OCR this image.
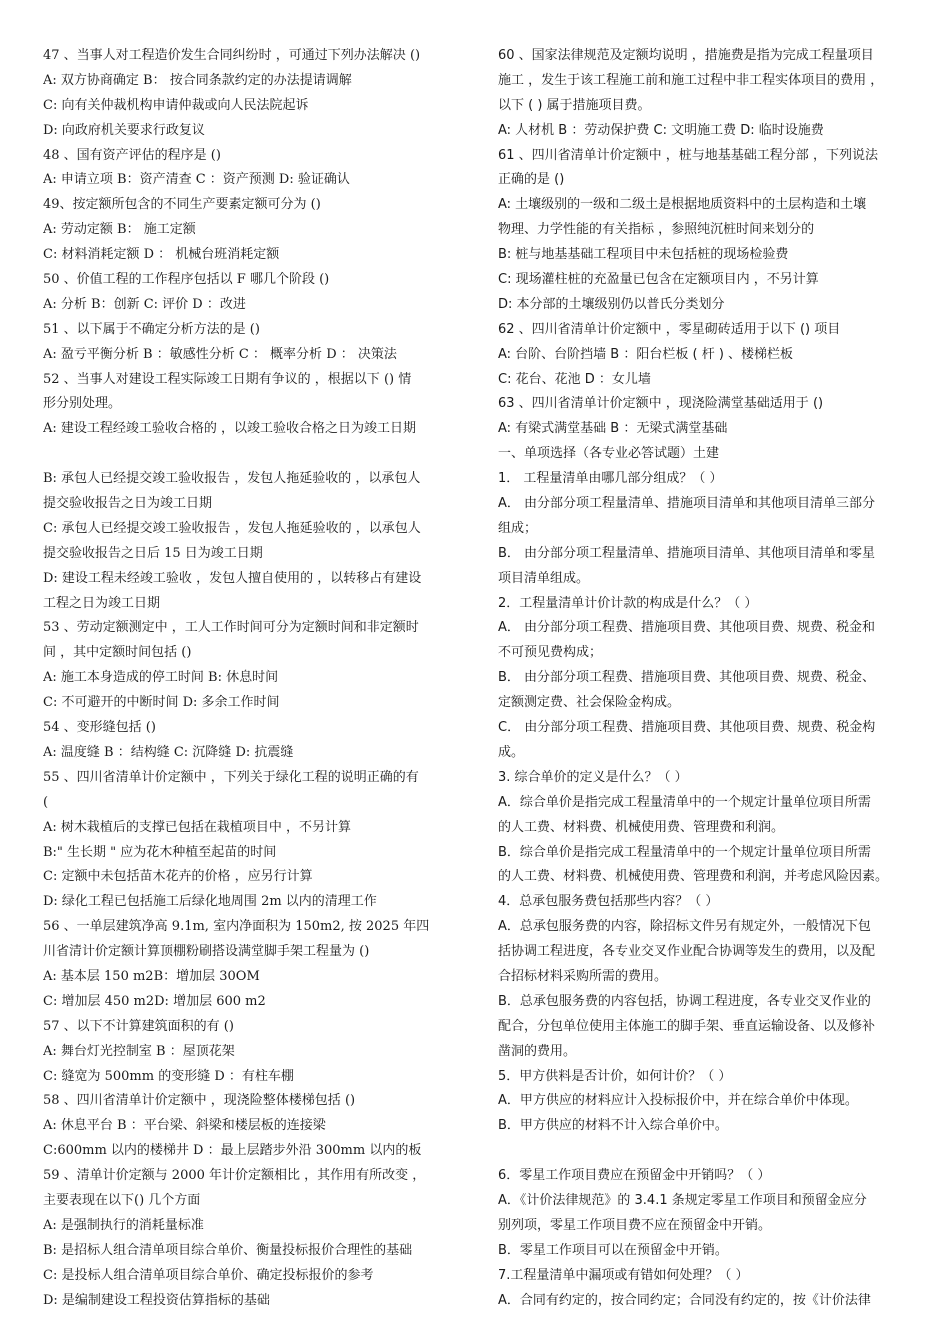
47 、当事人对工程造价发生合同纠纷时 ，可通过下列办法解决 ()
A: 双方协商确定 B： 按合同条款约定的办法提请调解
C: 向有关仲裁机构申请仲裁或向人民法院起诉
D: 向政府机关要求行政复议
48 、国有资产评估的程序是 ()
A: 申请立项 B：资产清查 C ：资产预测 D: 验证确认
49、按定额所包含的不同生产要素定额可分为 ()
A: 劳动定额 B： 施工定额
C: 材料消耗定额 D ： 机械台班消耗定额
50 、价值工程的工作程序包括以 F 哪几个阶段 ()
A: 分析 B：创新 C: 评价 D ：改进
51 、以下属于不确定分析方法的是 ()
A: 盈亏平衡分析 B ：敏感性分析 C ： 概率分析 D ： 决策法
52 、当事人对建设工程实际竣工日期有争议的 ，根据以下 () 情
形分别处理。
A: 建设工程经竣工验收合格的 ，以竣工验收合格之日为竣工日期
B: 承包人已经提交竣工验收报告 ，发包人拖延验收的 ，以承包人
提交验收报告之日为竣工日期
C: 承包人已经提交竣工验收报告 ，发包人拖延验收的 ，以承包人
提交验收报告之日后 15 日为竣工日期
D: 建设工程未经竣工验收 ，发包人擅自使用的 ，以转移占有建设
工程之日为竣工日期
53 、劳动定额测定中 ，工人工作时间可分为定额时间和非定额时
间 ，其中定额时间包括 ()
A: 施工本身造成的停工时间 B: 休息时间
C: 不可避开的中断时间 D: 多余工作时间
54 、变形缝包括 ()
A: 温度缝 B ：结构缝 C: 沉降缝 D: 抗震缝
55 、四川省清单计价定额中 ，下列关于绿化工程的说明正确的有
(
A: 树木栽植后的支撑已包括在栽植项目中 ，不另计算
B:" 生长期 " 应为花木种植至起苗的时间
C: 定额中未包括苗木花卉的价格 ，应另行计算
D: 绿化工程已包括施工后绿化地周围 2m 以内的清理工作
56 、一单层建筑净高 9.1m, 室内净面积为 150m2, 按 2025 年四
川省清计价定额计算顶棚粉刷搭设满堂脚手架工程量为 ()
A: 基本层 150 m2B：增加层 30OM
C: 增加层 450 m2D: 增加层 600 m2
57 、以下不计算建筑面积的有 ()
A: 舞台灯光控制室 B ：屋顶花架
C: 缝宽为 500mm 的变形缝 D ：有柱车棚
58 、四川省清单计价定额中 ，现浇险整体楼梯包括 ()
A: 休息平台 B ：平台梁、斜梁和楼层板的连接梁
C:600mm 以内的楼梯井 D ：最上层踏步外沿 300mm 以内的板
59 、清单计价定额与 2000 年计价定额相比 ，其作用有所改变 ，
主要表现在以下() 几个方面
A: 是强制执行的消耗量标准
B: 是招标人组合清单项目综合单价、衡量投标报价合理性的基础
C: 是投标人组合清单项目综合单价、确定投标报价的参考
D: 是编制建设工程投资估算指标的基础
60 、国家法律规范及定额均说明 ，措施费是指为完成工程量项目
施工 ，发生于该工程施工前和施工过程中非工程实体项目的费用 ，
以下 ( ) 属于措施项目费。
A: 人材机 B ：劳动保护费 C: 文明施工费 D: 临时设施费
61 、四川省清单计价定额中 ，桩与地基基础工程分部 ，下列说法
正确的是 ()
A: 土壤级别的一级和二级土是根据地质资料中的土层构造和土壤
物理、力学性能的有关指标 ，参照纯沉桩时间来划分的
B: 桩与地基基础工程项目中未包括桩的现场检验费
C: 现场灌柱桩的充盈量已包含在定额项目内 ，不另计算
D: 本分部的土壤级别仍以普氏分类划分
62 、四川省清单计价定额中 ，零星砌砖适用于以下 () 项目
A: 台阶、台阶挡墙 B ：阳台栏板 ( 杆 ) 、楼梯栏板
C: 花台、花池 D ：女儿墙
63 、四川省清单计价定额中 ，现浇险满堂基础适用于 ()
A: 有梁式满堂基础 B ：无梁式满堂基础
一、单项选择（各专业必答试题）土建
1． 工程量清单由哪几部分组成？（ ）
A． 由分部分项工程量清单、措施项目清单和其他项目清单三部分
组成；
B． 由分部分项工程量清单、措施项目清单、其他项目清单和零星
项目清单组成。
2．工程量清单计价计款的构成是什么？（ ）
A． 由分部分项工程费、措施项目费、其他项目费、规费、税金和
不可预见费构成；
B． 由分部分项工程费、措施项目费、其他项目费、规费、税金、
定额测定费、社会保险金构成。
C． 由分部分项工程费、措施项目费、其他项目费、规费、税金构
成。
3. 综合单价的定义是什么？（ ）
A．综合单价是指完成工程量清单中的一个规定计量单位项目所需
的人工费、材料费、机械使用费、管理费和利润。
B．综合单价是指完成工程量清单中的一个规定计量单位项目所需
的人工费、材料费、机械使用费、管理费和利润，并考虑风险因素。
4．总承包服务费包括那些内容？（ ）
A．总承包服务费的内容，除招标文件另有规定外，一般情况下包
括协调工程进度，各专业交叉作业配合协调等发生的费用，以及配
合招标材料采购所需的费用。
B．总承包服务费的内容包括，协调工程进度，各专业交叉作业的
配合，分包单位使用主体施工的脚手架、垂直运输设备、以及修补
凿洞的费用。
5．甲方供料是否计价，如何计价？（ ）
A．甲方供应的材料应计入投标报价中，并在综合单价中体现。
B．甲方供应的材料不计入综合单价中。
6．零星工作项目费应在预留金中开销吗？（ ）
A．《计价法律规范》的 3.4.1 条规定零星工作项目和预留金应分
别列项，零星工作项目费不应在预留金中开销。
B．零星工作项目可以在预留金中开销。
7.工程量清单中漏项或有错如何处理？（ ）
A．合同有约定的，按合同约定；合同没有约定的，按《计价法律
